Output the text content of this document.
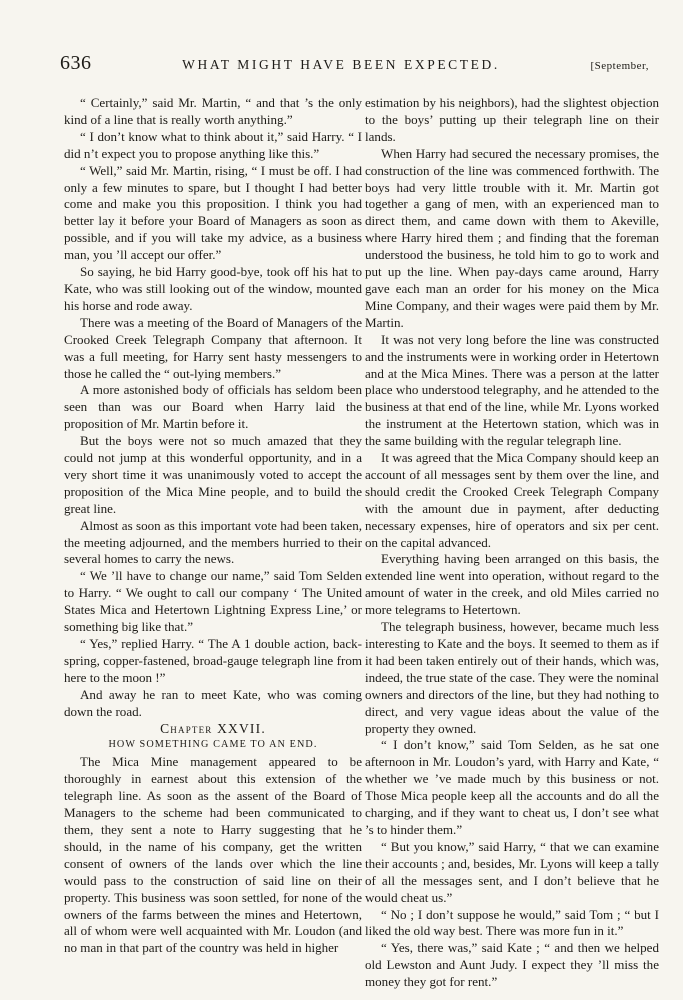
636	WHAT MIGHT HAVE BEEN EXPECTED.	[September,

“ Certainly,” said Mr. Martin, “ and that ’s the only kind of a line that is really worth anything.”

“ I don’t know what to think about it,” said Harry. “ I did n’t expect you to propose anything like this.”

“ Well,” said Mr. Martin, rising, “ I must be off. I had only a few minutes to spare, but I thought I had better come and make you this proposition. I think you had better lay it before your Board of Managers as soon as possible, and if you will take my advice, as a business man, you ’ll accept our offer.”

So saying, he bid Harry good-bye, took off his hat to Kate, who was still looking out of the window, mounted his horse and rode away.

There was a meeting of the Board of Managers of the Crooked Creek Telegraph Company that afternoon. It was a full meeting, for Harry sent hasty messengers to those he called the “ out-lying members.”

A more astonished body of officials has seldom been seen than was our Board when Harry laid the proposition of Mr. Martin before it.

But the boys were not so much amazed that they could not jump at this wonderful opportunity, and in a very short time it was unanimously voted to accept the proposition of the Mica Mine people, and to build the great line.

Almost as soon as this important vote had been taken, the meeting adjourned, and the members hurried to their several homes to carry the news.

“ We ’ll have to change our name,” said Tom Selden to Harry. “ We ought to call our company ‘ The United States Mica and Hetertown Lightning Express Line,’ or something big like that.”

“ Yes,” replied Harry. “ The A 1 double action, back-spring, copper-fastened, broad-gauge telegraph line from here to the moon !”

And away he ran to meet Kate, who was coming down the road.

Chapter XXVII.

HOW SOMETHING CAME TO AN END.

The Mica Mine management appeared to be thoroughly in earnest about this extension of the telegraph line. As soon as the assent of the Board of Managers to the scheme had been communicated to them, they sent a note to Harry suggesting that he should, in the name of his company, get the written consent of owners of the lands over which the line would pass to the construction of said line on their property. This business was soon settled, for none of the owners of the farms between the mines and Hetertown, all of whom were well acquainted with Mr. Loudon (and no man in that part of the country was held in higher

estimation by his neighbors), had the slightest objection to the boys’ putting up their telegraph line on their lands.

When Harry had secured the necessary promises, the construction of the line was commenced forthwith. The boys had very little trouble with it. Mr. Martin got together a gang of men, with an experienced man to direct them, and came down with them to Akeville, where Harry hired them ; and finding that the foreman understood the business, he told him to go to work and put up the line. When pay-days came around, Harry gave each man an order for his money on the Mica Mine Company, and their wages were paid them by Mr. Martin.

It was not very long before the line was constructed and the instruments were in working order in Hetertown and at the Mica Mines. There was a person at the latter place who understood telegraphy, and he attended to the business at that end of the line, while Mr. Lyons worked the instrument at the Hetertown station, which was in the same building with the regular telegraph line.

It was agreed that the Mica Company should keep an account of all messages sent by them over the line, and should credit the Crooked Creek Telegraph Company with the amount due in payment, after deducting necessary expenses, hire of operators and six per cent. on the capital advanced.

Everything having been arranged on this basis, the extended line went into operation, without regard to the amount of water in the creek, and old Miles carried no more telegrams to Hetertown.

The telegraph business, however, became much less interesting to Kate and the boys. It seemed to them as if it had been taken entirely out of their hands, which was, indeed, the true state of the case. They were the nominal owners and directors of the line, but they had nothing to direct, and very vague ideas about the value of the property they owned.

“ I don’t know,” said Tom Selden, as he sat one afternoon in Mr. Loudon’s yard, with Harry and Kate, “ whether we ’ve made much by this business or not. Those Mica people keep all the accounts and do all the charging, and if they want to cheat us, I don’t see what ’s to hinder them.”

“ But you know,” said Harry, “ that we can examine their accounts ; and, besides, Mr. Lyons will keep a tally of all the messages sent, and I don’t believe that he would cheat us.”

“ No ; I don’t suppose he would,” said Tom ; “ but I liked the old way best. There was more fun in it.”

“ Yes, there was,” said Kate ; “ and then we helped old Lewston and Aunt Judy. I expect they ’ll miss the money they got for rent.”
